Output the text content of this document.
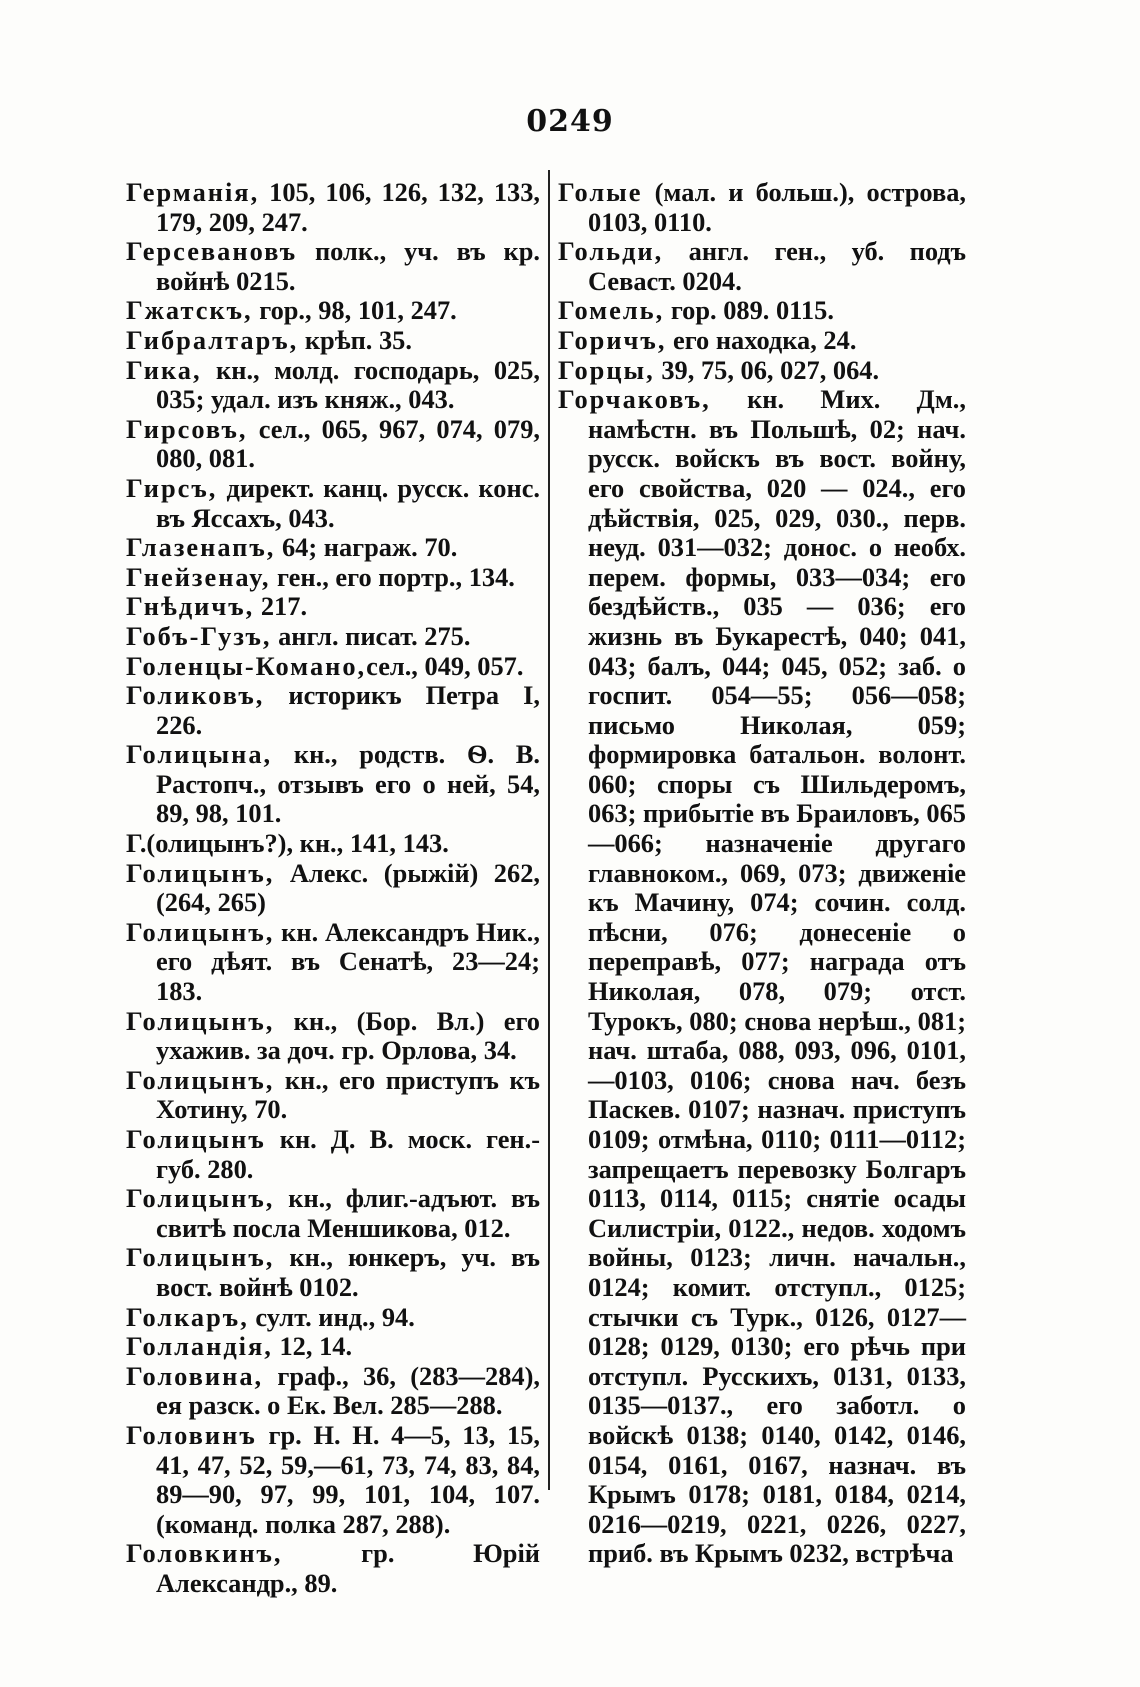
0249

Германія, 105, 106, 126, 132, 133, 179, 209, 247.

Герсевановъ полк., уч. въ кр. войнѣ 0215.

Гжатскъ, гор., 98, 101, 247.

Гибралтаръ, крѣп. 35.

Гика, кн., молд. господарь, 025, 035; удал. изъ княж., 043.

Гирсовъ, сел., 065, 967, 074, 079, 080, 081.

Гирсъ, директ. канц. русск. конс. въ Яссахъ, 043.

Глазенапъ, 64; награж. 70.

Гнейзенау, ген., его портр., 134.

Гнѣдичъ, 217.

Гобъ-Гузъ, англ. писат. 275.

Голенцы-Комано,сел., 049, 057.

Голиковъ, историкъ Петра I, 226.

Голицына, кн., родств. Ѳ. В. Растопч., отзывъ его о ней, 54, 89, 98, 101.

Г.(олицынъ?), кн., 141, 143.

Голицынъ, Алекс. (рыжій) 262, (264, 265)

Голицынъ, кн. Александръ Ник., его дѣят. въ Сенатѣ, 23—24; 183.

Голицынъ, кн., (Бор. Вл.) его ухажив. за доч. гр. Орлова, 34.

Голицынъ, кн., его приступъ къ Хотину, 70.

Голицынъ кн. Д. В. моск. ген.-губ. 280.

Голицынъ, кн., флиг.-адъют. въ свитѣ посла Меншикова, 012.

Голицынъ, кн., юнкеръ, уч. въ вост. войнѣ 0102.

Голкаръ, султ. инд., 94.

Голландія, 12, 14.

Головина, граф., 36, (283—284), ея разск. о Ек. Вел. 285—288.

Головинъ гр. Н. Н. 4—5, 13, 15, 41, 47, 52, 59,—61, 73, 74, 83, 84, 89—90, 97, 99, 101, 104, 107. (команд. полка 287, 288).

Головкинъ, гр. Юрій Александр., 89.

Голые (мал. и больш.), острова, 0103, 0110.

Гольди, англ. ген., уб. подъ Севаст. 0204.

Гомель, гор. 089. 0115.

Горичъ, его находка, 24.

Горцы, 39, 75, 06, 027, 064.

Горчаковъ, кн. Мих. Дм., намѣстн. въ Польшѣ, 02; нач. русск. войскъ въ вост. войну, его свойства, 020 — 024., его дѣйствія, 025, 029, 030., перв. неуд. 031—032; донос. о необх. перем. формы, 033—034; его бездѣйств., 035 — 036; его жизнь въ Букарестѣ, 040; 041, 043; балъ, 044; 045, 052; заб. о госпит. 054—55; 056—058; письмо Николая, 059; формировка батальон. волонт. 060; споры съ Шильдеромъ, 063; прибытіе въ Браиловъ, 065—066; назначеніе другаго главноком., 069, 073; движеніе къ Мачину, 074; сочин. солд. пѣсни, 076; донесеніе о переправѣ, 077; награда отъ Николая, 078, 079; отст. Турокъ, 080; снова нерѣш., 081; нач. штаба, 088, 093, 096, 0101,—0103, 0106; снова нач. безъ Паскев. 0107; назнач. приступъ 0109; отмѣна, 0110; 0111—0112; запрещаетъ перевозку Болгаръ 0113, 0114, 0115; снятіе осады Силистріи, 0122., недов. ходомъ войны, 0123; личн. начальн., 0124; комит. отступл., 0125; стычки съ Турк., 0126, 0127—0128; 0129, 0130; его рѣчь при отступл. Русскихъ, 0131, 0133, 0135—0137., его заботл. о войскѣ 0138; 0140, 0142, 0146, 0154, 0161, 0167, назнач. въ Крымъ 0178; 0181, 0184, 0214, 0216—0219, 0221, 0226, 0227, приб. въ Крымъ 0232, встрѣча
